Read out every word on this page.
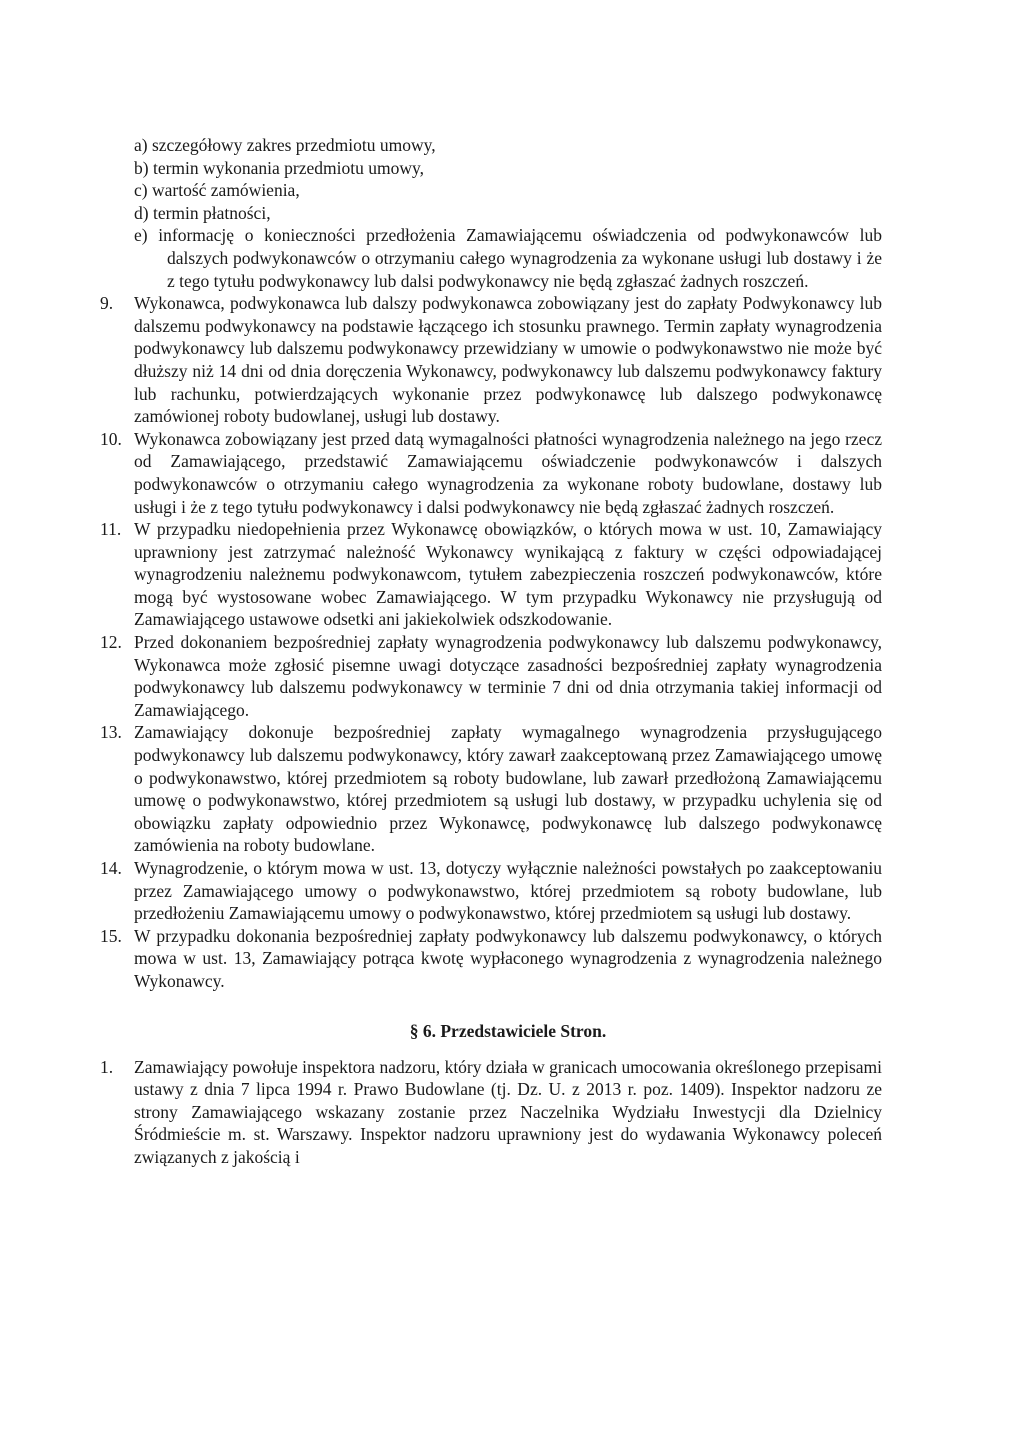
a) szczegółowy zakres przedmiotu umowy,

b) termin wykonania przedmiotu umowy,

c) wartość zamówienia,

d) termin płatności,

e) informację o konieczności przedłożenia Zamawiającemu oświadczenia od podwykonawców lub dalszych podwykonawców o otrzymaniu całego wynagrodzenia za wykonane usługi lub dostawy i że z tego tytułu podwykonawcy lub dalsi podwykonawcy nie będą zgłaszać żadnych roszczeń.

9.	Wykonawca, podwykonawca lub dalszy podwykonawca zobowiązany jest do zapłaty Podwykonawcy lub dalszemu podwykonawcy na podstawie łączącego ich stosunku prawnego. Termin zapłaty wynagrodzenia podwykonawcy lub dalszemu podwykonawcy przewidziany w umowie o podwykonawstwo nie może być dłuższy niż 14 dni od dnia doręczenia Wykonawcy, podwykonawcy lub dalszemu podwykonawcy faktury lub rachunku, potwierdzających wykonanie przez podwykonawcę lub dalszego podwykonawcę zamówionej roboty budowlanej, usługi lub dostawy.

10. Wykonawca zobowiązany jest przed datą wymagalności płatności wynagrodzenia należnego na jego rzecz od Zamawiającego, przedstawić Zamawiającemu oświadczenie podwykonawców i dalszych podwykonawców o otrzymaniu całego wynagrodzenia za wykonane roboty budowlane, dostawy lub usługi i że z tego tytułu podwykonawcy i dalsi podwykonawcy nie będą zgłaszać żadnych roszczeń.

11. W przypadku niedopełnienia przez Wykonawcę obowiązków, o których mowa w ust. 10, Zamawiający uprawniony jest zatrzymać należność Wykonawcy wynikającą z faktury w części odpowiadającej wynagrodzeniu należnemu podwykonawcom, tytułem zabezpieczenia roszczeń podwykonawców, które mogą być wystosowane wobec Zamawiającego. W tym przypadku Wykonawcy nie przysługują od Zamawiającego ustawowe odsetki ani jakiekolwiek odszkodowanie.

12. Przed dokonaniem bezpośredniej zapłaty wynagrodzenia podwykonawcy lub dalszemu podwykonawcy, Wykonawca może zgłosić pisemne uwagi dotyczące zasadności bezpośredniej zapłaty wynagrodzenia podwykonawcy lub dalszemu podwykonawcy w terminie 7 dni od dnia otrzymania takiej informacji od Zamawiającego.

13. Zamawiający dokonuje bezpośredniej zapłaty wymagalnego wynagrodzenia przysługującego podwykonawcy lub dalszemu podwykonawcy, który zawarł zaakceptowaną przez Zamawiającego umowę o podwykonawstwo, której przedmiotem są roboty budowlane, lub zawarł przedłożoną Zamawiającemu umowę o podwykonawstwo, której przedmiotem są usługi lub dostawy, w przypadku uchylenia się od obowiązku zapłaty odpowiednio przez Wykonawcę, podwykonawcę lub dalszego podwykonawcę zamówienia na roboty budowlane.

14. Wynagrodzenie, o którym mowa w ust. 13, dotyczy wyłącznie należności powstałych po zaakceptowaniu przez Zamawiającego umowy o podwykonawstwo, której przedmiotem są roboty budowlane, lub przedłożeniu Zamawiającemu umowy o podwykonawstwo, której przedmiotem są usługi lub dostawy.

15. W przypadku dokonania bezpośredniej zapłaty podwykonawcy lub dalszemu podwykonawcy, o których mowa w ust. 13, Zamawiający potrąca kwotę wypłaconego wynagrodzenia z wynagrodzenia należnego Wykonawcy.

§ 6. Przedstawiciele Stron.
1.	Zamawiający powołuje inspektora nadzoru, który działa w granicach umocowania określonego przepisami ustawy z dnia 7 lipca 1994 r. Prawo Budowlane (tj. Dz. U. z 2013 r. poz. 1409). Inspektor nadzoru ze strony Zamawiającego wskazany zostanie przez Naczelnika Wydziału Inwestycji dla Dzielnicy Śródmieście m. st. Warszawy. Inspektor nadzoru uprawniony jest do wydawania Wykonawcy poleceń związanych z jakością i
